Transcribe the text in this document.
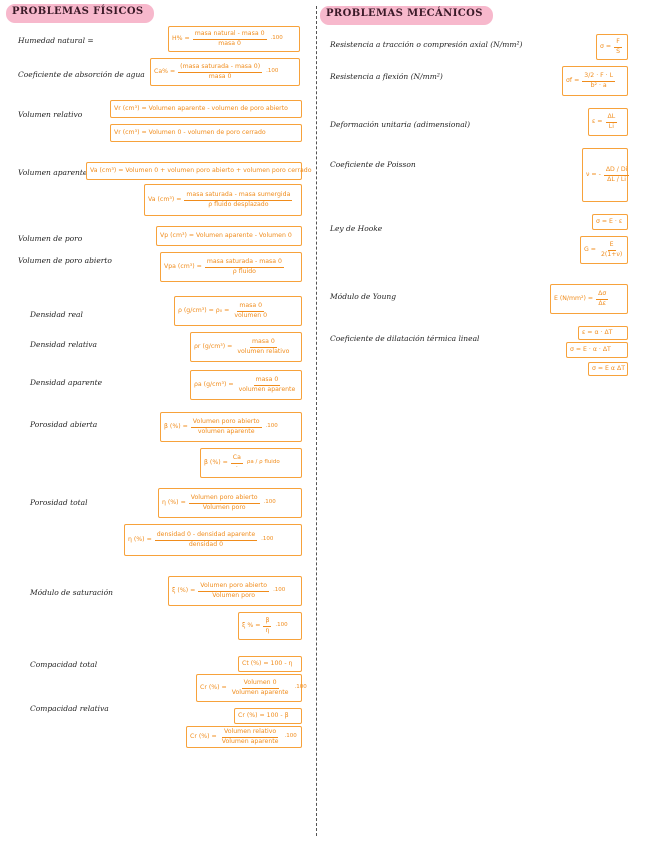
PROBLEMAS FÍSICOS	PROBLEMAS MECÁNICOS
Humedad natural =	$H\% = \frac{\text{masa natural - masa 0}}{\text{masa 0}} .100$
Coeficiente de absorción de agua $Ca\% = \frac{\text{(masa saturada - masa 0)}}{\text{masa 0}} .100$
Volumen relativo
Vr (cm³) = Volumen aparente - volumen de poro abierto
Vr (cm³) = Volumen 0 - volumen de poro cerrado
Volumen aparente Va (cm³) = Volumen 0 + volumen poro abierto + volumen poro cerrado
Va $(cm^3) = \frac{\text{masa saturada - masa sumergida}}{\text{ρ fluido desplazado}}$
Volumen de poro	Vp (cm³) = Volumen aparente - Volumen 0
Volumen de poro abierto
Vpa $(cm^3) = \frac{\text{masa saturada - masa 0}}{\text{ρ fluido}}$
Densidad real	ρ $(g/cm^3) = \rho_0 = \frac{\text{masa 0}}{\text{volumen 0}}$
Densidad relativa	ρr $(g/cm^3) = \frac{\text{masa 0}}{\text{volumen relativo}}$
Densidad aparente	ρa $(g/cm^3) = \frac{\text{masa 0}}{\text{volumen aparente}}$
Porosidad abierta	β (%) = $\frac{\text{Volumen poro abierto}}{\text{volumen aparente}} .100$
β (%) = $\frac{Ca}{\cdot}$ ρa / ρ fluido
Porosidad total	η (%) = $\frac{\text{Volumen poro abierto}}{\text{Volumen poro}} .100$
η (%) = $\frac{\text{densidad 0 - densidad aparente}}{\text{densidad 0}} .100$
Módulo de saturación	ξ (%) = $\frac{\text{Volumen poro abierto}}{\text{Volumen poro}} .100$
ξ % = $\frac{\beta}{\eta} .100$
Compacidad total	Ct (%) = 100 - η
Cr (%) = $\frac{\text{Volumen 0}}{\text{Volumen aparente}} .100$
Compacidad relativa
Cr (%) = 100 - β
Cr (%) = $\frac{\text{Volumen relativo}}{\text{Volumen aparente}} .100$
Resistencia a tracción o compresión axial (N/mm²)	$\sigma = \frac{F}{S}$
Resistencia a flexión (N/mm²)	$\sigma f = \frac{3/2 \cdot F \cdot L}{\text{b² · a}}$
Deformación unitaria (adimensional)	$\varepsilon = \frac{\Delta L}{Li}$
Coeficiente de Poisson
ν = - $\frac{\Delta D / Di}{\Delta L / Li}$
Ley de Hooke
σ = E · ε
$G = \frac{E}{2(1+\nu)}$
Módulo de Young	E $(N/mm^2) = \frac{\Delta\sigma}{\Delta\varepsilon}$
Coeficiente de dilatación térmica lineal
ε = α · ΔT
σ = E · α · ΔT
σ = E α ΔT
